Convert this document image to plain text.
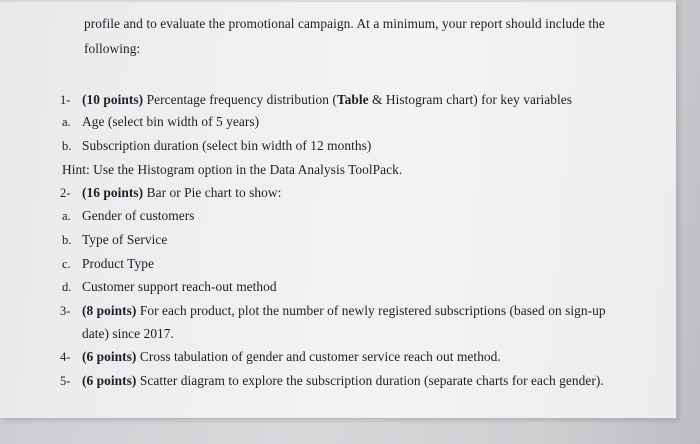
profile and to evaluate the promotional campaign. At a minimum, your report should include the
following:
1- (10 points) Percentage frequency distribution (Table & Histogram chart) for key variables
a. Age (select bin width of 5 years)
b. Subscription duration (select bin width of 12 months)
Hint: Use the Histogram option in the Data Analysis ToolPack.
2- (16 points) Bar or Pie chart to show:
a. Gender of customers
b. Type of Service
c. Product Type
d. Customer support reach-out method
3- (8 points) For each product, plot the number of newly registered subscriptions (based on sign-up
date) since 2017.
4- (6 points) Cross tabulation of gender and customer service reach out method.
5- (6 points) Scatter diagram to explore the subscription duration (separate charts for each gender).
